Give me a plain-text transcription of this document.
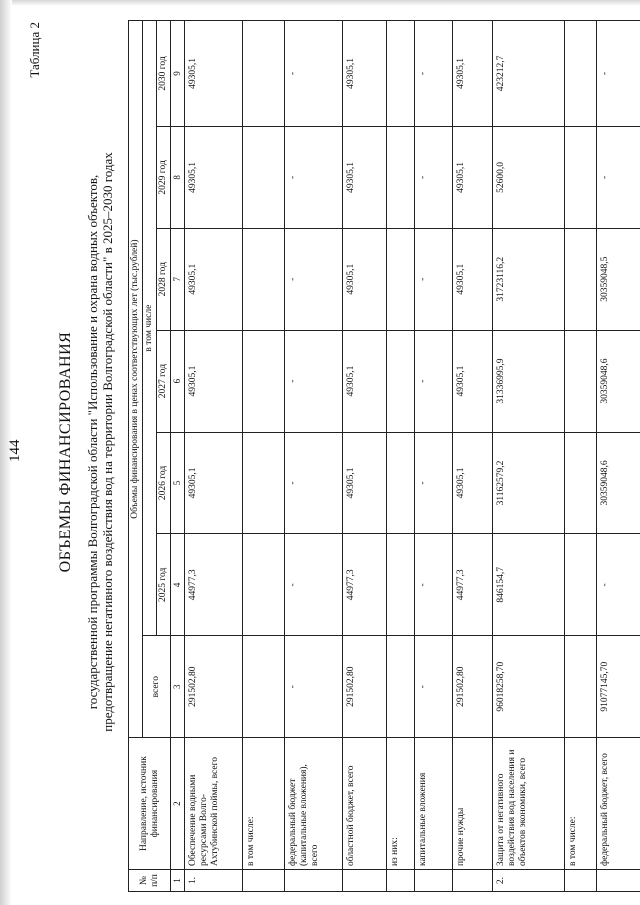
144
Таблица 2
ОБЪЕМЫ ФИНАНСИРОВАНИЯ государственной программы Волгоградской области "Использование и охрана водных объектов, предотвращение негативного воздействия вод на территории Волгоградской области" в 2025–2030 годах
№ п/п	Направление, источник финансирования	Объемы финансирования в ценах соответствующих лет (тыс.рублей)						
		всего	в том числе					
			2025 год	2026 год	2027 год	2028 год	2029 год	2030 год
1	2	3	4	5	6	7	8	9
1.	Обеспечение водными ресурсами Волго-Ахтубинской поймы, всего	291502,80	44977,3	49305,1	49305,1	49305,1	49305,1	49305,1
	в том числе:							
	федеральный бюджет (капитальные вложения), всего	-	-	-	-	-	-	-
	областной бюджет, всего	291502,80	44977,3	49305,1	49305,1	49305,1	49305,1	49305,1
	из них:							
	капитальные вложения	-	-	-	-	-	-	-
	прочие нужды	291502,80	44977,3	49305,1	49305,1	49305,1	49305,1	49305,1
2.	Защита от негативного воздействия вод населения и объектов экономики, всего	96018258,70	846154,7	31162579,2	31336995,9	31723116,2	52600,0	423212,7
	в том числе:							
	федеральный бюджет, всего	91077145,70	-	30359048,6	30359048,6	30359048,5	-	-
